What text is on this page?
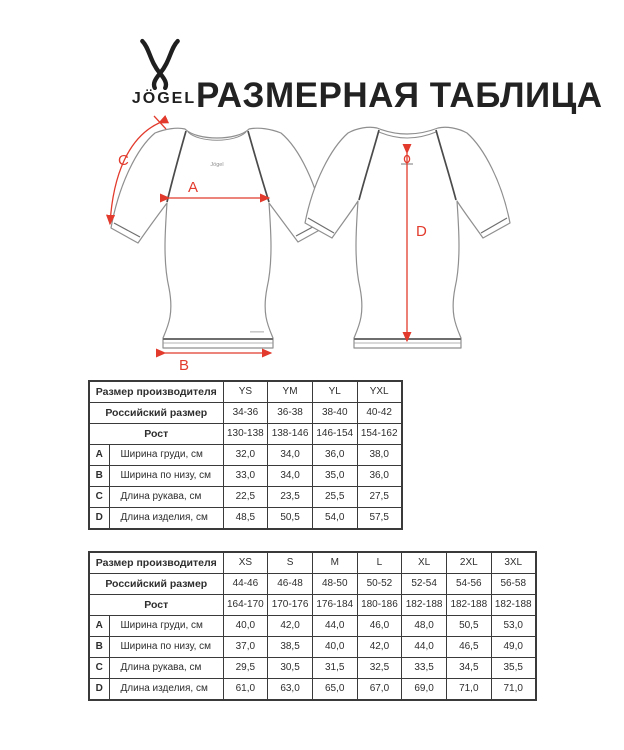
JÖGEL РАЗМЕРНАЯ ТАБЛИЦА
Jögel
A
B
C
D
Размер производителя		YS	YM	YL	YXL
Российский размер		34-36	36-38	38-40	40-42
Рост		130-138	138-146	146-154	154-162
A	Ширина груди, см	32,0	34,0	36,0	38,0
B	Ширина по низу, см	33,0	34,0	35,0	36,0
C	Длина рукава, см	22,5	23,5	25,5	27,5
D	Длина изделия, см	48,5	50,5	54,0	57,5
Размер производителя		XS	S	M	L	XL	2XL	3XL
Российский размер		44-46	46-48	48-50	50-52	52-54	54-56	56-58
Рост		164-170	170-176	176-184	180-186	182-188	182-188	182-188
A	Ширина груди, см	40,0	42,0	44,0	46,0	48,0	50,5	53,0
B	Ширина по низу, см	37,0	38,5	40,0	42,0	44,0	46,5	49,0
C	Длина рукава, см	29,5	30,5	31,5	32,5	33,5	34,5	35,5
D	Длина изделия, см	61,0	63,0	65,0	67,0	69,0	71,0	71,0
